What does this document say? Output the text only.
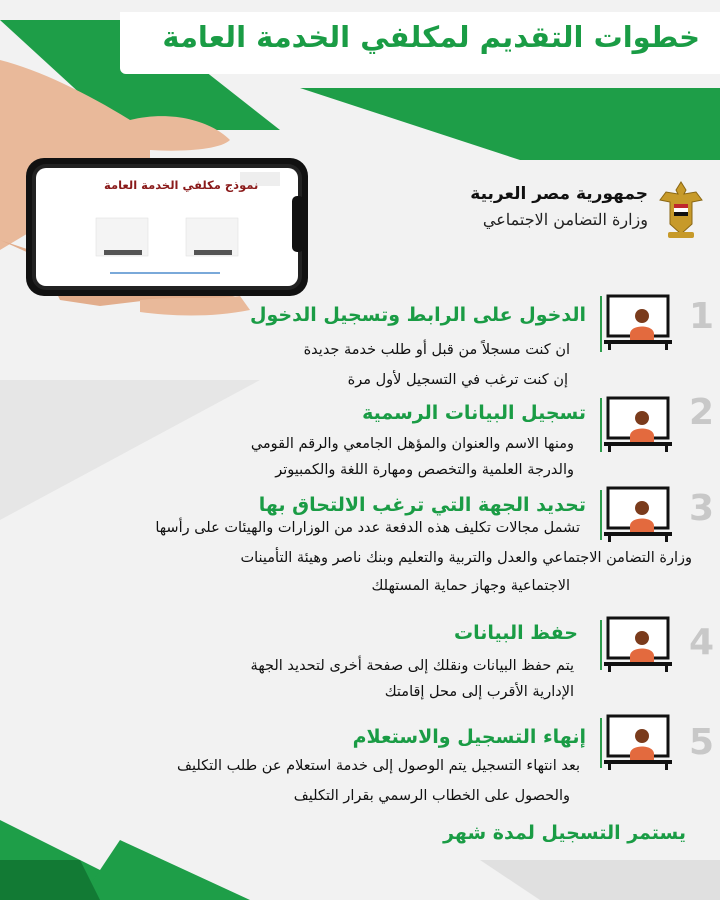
خطوات التقديم لمكلفي الخدمة العامة
نموذج مكلفي الخدمة العامة	جمهورية مصر العربية
وزارة التضامن الاجتماعي
1
الدخول على الرابط وتسجيل الدخول
ان كنت مسجلاً من قبل أو طلب خدمة جديدة
إن كنت ترغب في التسجيل لأول مرة
2
تسجيل البيانات الرسمية
ومنها الاسم والعنوان والمؤهل الجامعي والرقم القومي
والدرجة العلمية والتخصص ومهارة اللغة والكمبيوتر
3
تحديد الجهة التي ترغب الالتحاق بها
تشمل مجالات تكليف هذه الدفعة عدد من الوزارات والهيئات على رأسها
وزارة التضامن الاجتماعي والعدل والتربية والتعليم وبنك ناصر وهيئة التأمينات
الاجتماعية وجهاز حماية المستهلك
4
حفظ البيانات
يتم حفظ البيانات ونقلك إلى صفحة أخرى لتحديد الجهة
الإدارية الأقرب إلى محل إقامتك
5
إنهاء التسجيل والاستعلام
بعد انتهاء التسجيل يتم الوصول إلى خدمة استعلام عن طلب التكليف
والحصول على الخطاب الرسمي بقرار التكليف
يستمر التسجيل لمدة شهر
